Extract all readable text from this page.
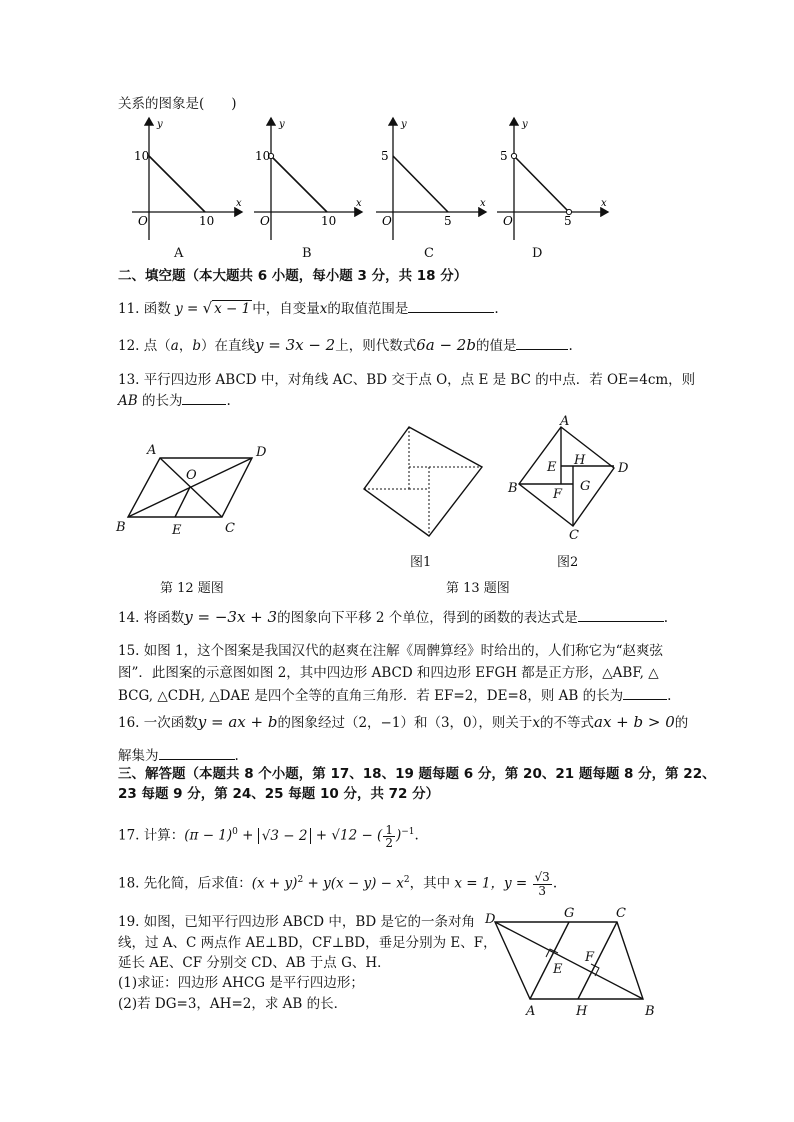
关系的图象是(　　)
y
x
O
10
10
y
x
O
10
10
y
x
O
5
5
y
x
O
5
5
A	B	C	D
二、填空题（本大题共 6 小题，每小题 3 分，共 18 分）
11. 函数 y = √ x − 1 中，自变量x的取值范围是	.
12. 点（a，b）在直线y = 3x − 2上，则代数式6a − 2b的值是	.
13. 平行四边形 ABCD 中，对角线 AC、BD 交于点 O，点 E 是 BC 的中点．若 OE=4cm，则
AB 的长为	.
A	D
O
B	E	C
图1
A
D
B
C
E H
G
F
图2
第 12 题图	第 13 题图
14. 将函数y = −3x + 3的图象向下平移 2 个单位，得到的函数的表达式是	.
15. 如图 1，这个图案是我国汉代的赵爽在注解《周髀算经》时给出的，人们称它为“赵爽弦
图”．此图案的示意图如图 2，其中四边形 ABCD 和四边形 EFGH 都是正方形，△ABF, △
BCG, △CDH, △DAE 是四个全等的直角三角形．若 EF=2，DE=8，则 AB 的长为	.
16. 一次函数y = ax + b的图象经过（2，−1）和（3，0），则关于x的不等式ax + b > 0的
解集为	.
三、解答题（本题共 8 个小题，第 17、18、19 题每题 6 分，第 20、21 题每题 8 分，第 22、
23 每题 9 分，第 24、25 每题 10 分，共 72 分）
17. 计算：$(\pi - 1)^0 + √3 - 2 + √12$ − ( $\frac{1}{2} )^{-1}$.
18. 先化简，后求值：$(x + y)^2 + y(x - y) - x^2$，其中 x = 1，$y = \frac{√3}{3}$ .
19. 如图，已知平行四边形 ABCD 中，BD 是它的一条对角
线，过 A、C 两点作 AE⊥BD，CF⊥BD，垂足分别为 E、F，
延长 AE、CF 分别交 CD、AB 于点 G、H．
(1)求证：四边形 AHCG 是平行四边形；
(2)若 DG=3，AH=2，求 AB 的长．
D	G	C
E
F
A	H	B
